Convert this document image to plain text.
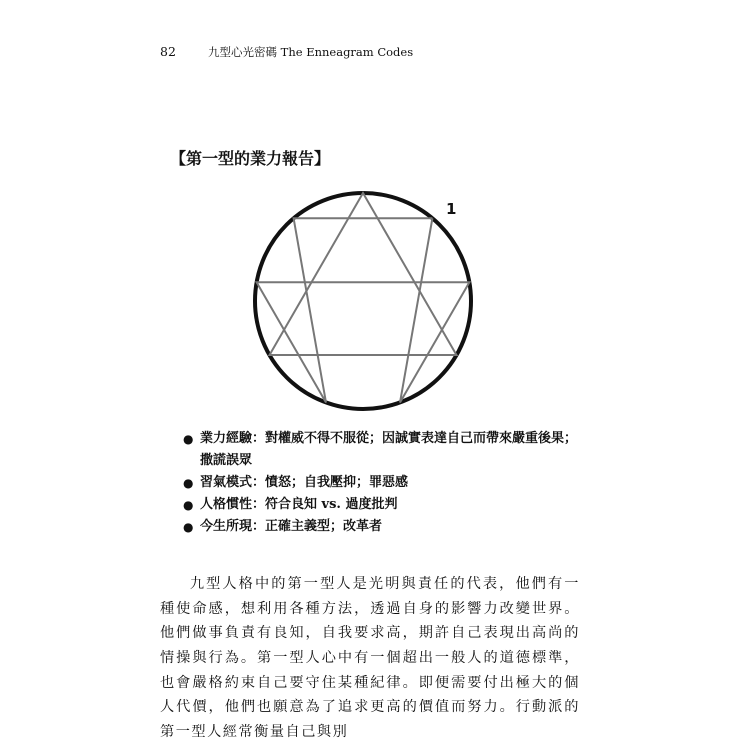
82	九型心光密碼 The Enneagram Codes
【第一型的業力報告】
1
● 業力經驗：對權威不得不服從；因誠實表達自己而帶來嚴重後果；撒謊誤眾
● 習氣模式：憤怒；自我壓抑；罪惡感
● 人格慣性：符合良知 vs. 過度批判
● 今生所現：正確主義型；改革者

九型人格中的第一型人是光明與責任的代表，他們有一種使命感，想利用各種方法，透過自身的影響力改變世界。他們做事負責有良知，自我要求高，期許自己表現出高尚的情操與行為。第一型人心中有一個超出一般人的道德標準，也會嚴格約束自己要守住某種紀律。即便需要付出極大的個人代價，他們也願意為了追求更高的價值而努力。行動派的第一型人經常衡量自己與別
